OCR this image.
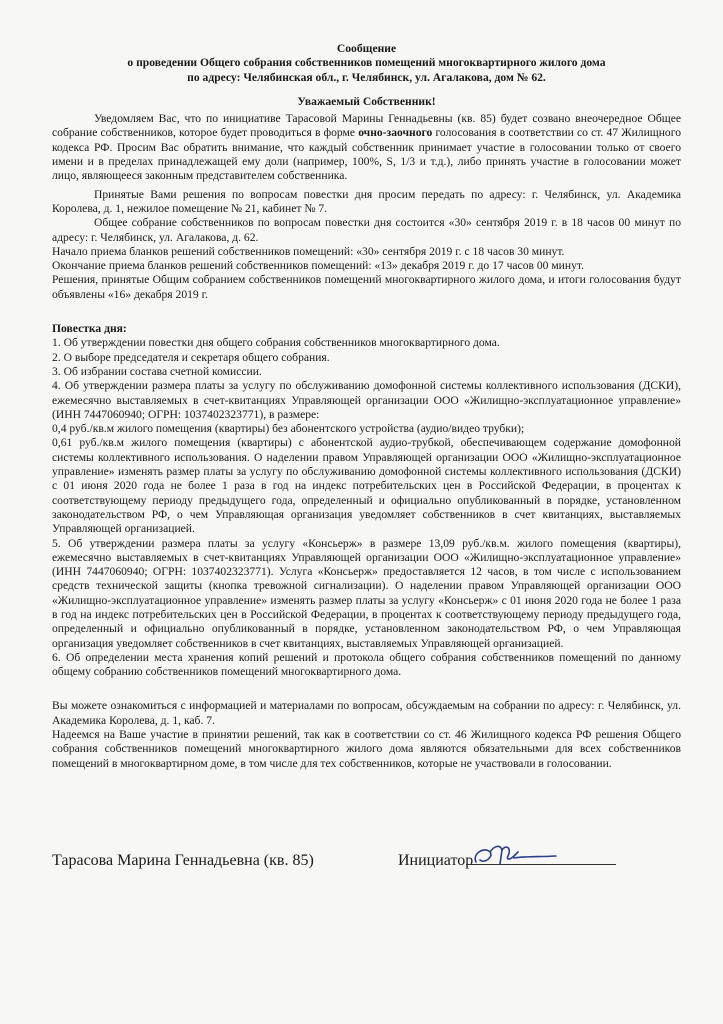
Сообщение

о проведении Общего собрания собственников помещений многоквартирного жилого дома

по адресу: Челябинская обл., г. Челябинск, ул. Агалакова, дом № 62.

Уважаемый Собственник!

Уведомляем Вас, что по инициативе Тарасовой Марины Геннадьевны (кв. 85) будет созвано внеочередное Общее собрание собственников, которое будет проводиться в форме очно-заочного голосования в соответствии со ст. 47 Жилищного кодекса РФ. Просим Вас обратить внимание, что каждый собственник принимает участие в голосовании только от своего имени и в пределах принадлежащей ему доли (например, 100%, S, 1/3 и т.д.), либо принять участие в голосовании может лицо, являющееся законным представителем собственника.

Принятые Вами решения по вопросам повестки дня просим передать по адресу: г. Челябинск, ул. Академика Королева, д. 1, нежилое помещение № 21, кабинет № 7.

Общее собрание собственников по вопросам повестки дня состоится «30» сентября 2019 г. в 18 часов 00 минут по адресу: г. Челябинск, ул. Агалакова, д. 62.

Начало приема бланков решений собственников помещений: «30» сентября 2019 г. с 18 часов 30 минут.

Окончание приема бланков решений собственников помещений: «13» декабря 2019 г. до 17 часов 00 минут.

Решения, принятые Общим собранием собственников помещений многоквартирного жилого дома, и итоги голосования будут объявлены «16» декабря 2019 г.

Повестка дня:

1. Об утверждении повестки дня общего собрания собственников многоквартирного дома.
2. О выборе председателя и секретаря общего собрания.
3. Об избрании состава счетной комиссии.
4. Об утверждении размера платы за услугу по обслуживанию домофонной системы коллективного использования (ДСКИ), ежемесячно выставляемых в счет-квитанциях Управляющей организации ООО «Жилищно-эксплуатационное управление» (ИНН 7447060940; ОГРН: 1037402323771), в размере:
0,4 руб./кв.м жилого помещения (квартиры) без абонентского устройства (аудио/видео трубки);
0,61 руб./кв.м жилого помещения (квартиры) с абонентской аудио-трубкой, обеспечивающем содержание домофонной системы коллективного использования. О наделении правом Управляющей организации ООО «Жилищно-эксплуатационное управление» изменять размер платы за услугу по обслуживанию домофонной системы коллективного использования (ДСКИ) с 01 июня 2020 года не более 1 раза в год на индекс потребительских цен в Российской Федерации, в процентах к соответствующему периоду предыдущего года, определенный и официально опубликованный в порядке, установленном законодательством РФ, о чем Управляющая организация уведомляет собственников в счет квитанциях, выставляемых Управляющей организацией.
5. Об утверждении размера платы за услугу «Консьерж» в размере 13,09 руб./кв.м. жилого помещения (квартиры), ежемесячно выставляемых в счет-квитанциях Управляющей организации ООО «Жилищно-эксплуатационное управление» (ИНН 7447060940; ОГРН: 1037402323771). Услуга «Консьерж» предоставляется 12 часов, в том числе с использованием средств технической защиты (кнопка тревожной сигнализации). О наделении правом Управляющей организации ООО «Жилищно-эксплуатационное управление» изменять размер платы за услугу «Консьерж» с 01 июня 2020 года не более 1 раза в год на индекс потребительских цен в Российской Федерации, в процентах к соответствующему периоду предыдущего года, определенный и официально опубликованный в порядке, установленном законодательством РФ, о чем Управляющая организация уведомляет собственников в счет квитанциях, выставляемых Управляющей организацией.
6. Об определении места хранения копий решений и протокола общего собрания собственников помещений по данному общему собранию собственников помещений многоквартирного дома.

Вы можете ознакомиться с информацией и материалами по вопросам, обсуждаемым на собрании по адресу: г. Челябинск, ул. Академика Королева, д. 1, каб. 7.

Надеемся на Ваше участие в принятии решений, так как в соответствии со ст. 46 Жилищного кодекса РФ решения Общего собрания собственников помещений многоквартирного жилого дома являются обязательными для всех собственников помещений в многоквартирном доме, в том числе для тех собственников, которые не участвовали в голосовании.

Тарасова Марина Геннадьевна (кв. 85)	Инициатор
